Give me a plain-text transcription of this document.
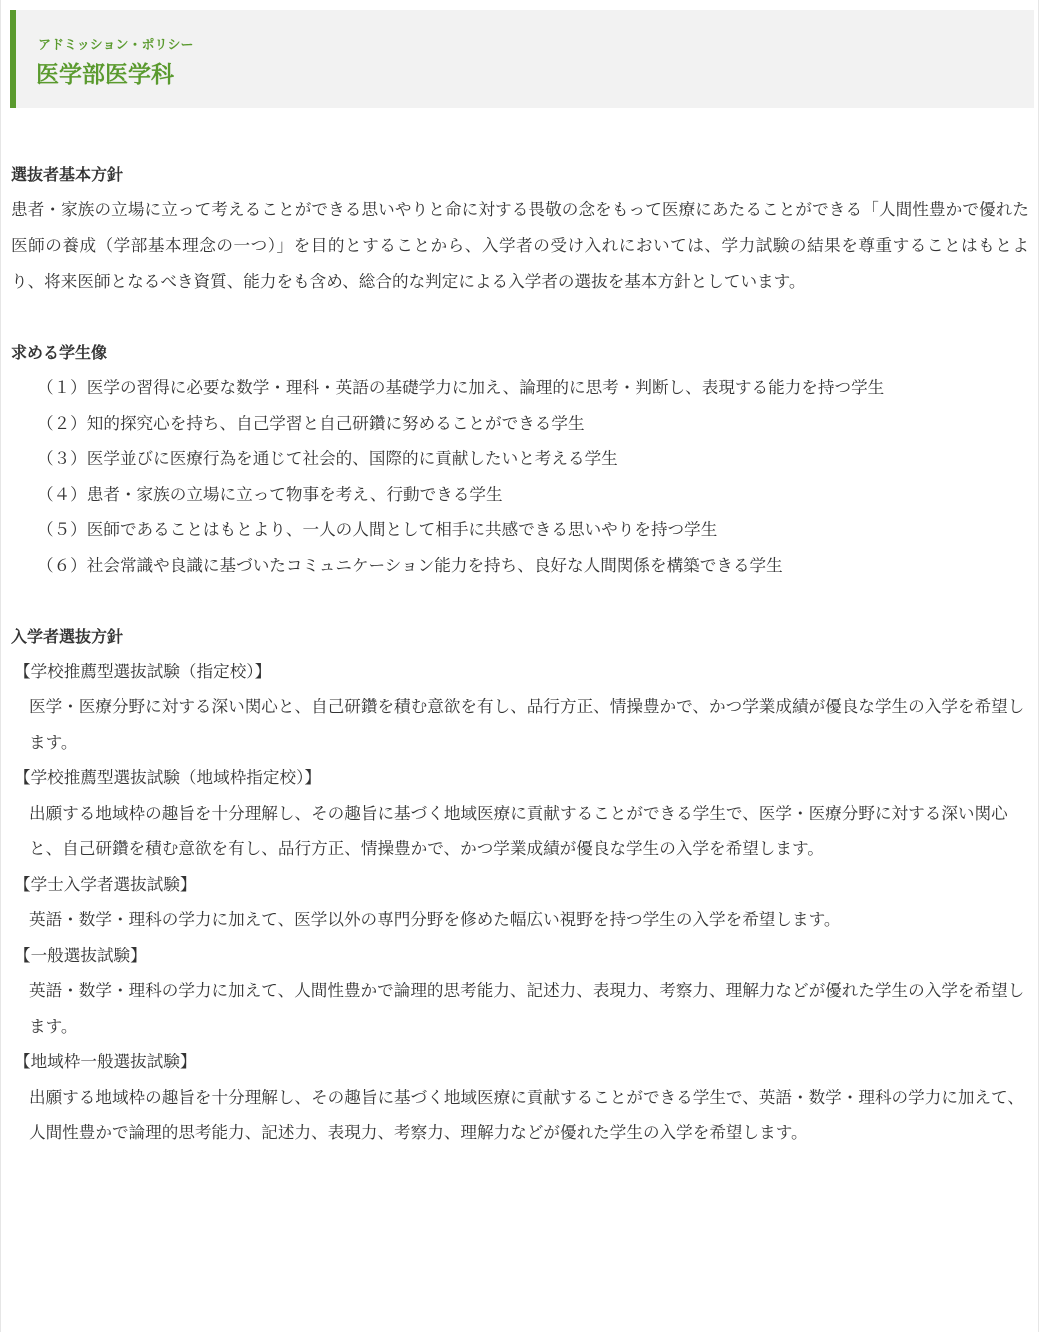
アドミッション・ポリシー
医学部医学科
選抜者基本方針

患者・家族の立場に立って考えることができる思いやりと命に対する畏敬の念をもって医療にあたることができる「人間性豊かで優れた医師の養成（学部基本理念の一つ）」を目的とすることから、入学者の受け入れにおいては、学力試験の結果を尊重することはもとより、将来医師となるべき資質、能力をも含め、総合的な判定による入学者の選抜を基本方針としています。

求める学生像
（１）医学の習得に必要な数学・理科・英語の基礎学力に加え、論理的に思考・判断し、表現する能力を持つ学生
（２）知的探究心を持ち、自己学習と自己研鑽に努めることができる学生
（３）医学並びに医療行為を通じて社会的、国際的に貢献したいと考える学生
（４）患者・家族の立場に立って物事を考え、行動できる学生
（５）医師であることはもとより、一人の人間として相手に共感できる思いやりを持つ学生
（６）社会常識や良識に基づいたコミュニケーション能力を持ち、良好な人間関係を構築できる学生
入学者選抜方針
【学校推薦型選抜試験（指定校）】
医学・医療分野に対する深い関心と、自己研鑽を積む意欲を有し、品行方正、情操豊かで、かつ学業成績が優良な学生の入学を希望します。
【学校推薦型選抜試験（地域枠指定校）】
出願する地域枠の趣旨を十分理解し、その趣旨に基づく地域医療に貢献することができる学生で、医学・医療分野に対する深い関心と、自己研鑽を積む意欲を有し、品行方正、情操豊かで、かつ学業成績が優良な学生の入学を希望します。
【学士入学者選抜試験】
英語・数学・理科の学力に加えて、医学以外の専門分野を修めた幅広い視野を持つ学生の入学を希望します。
【一般選抜試験】
英語・数学・理科の学力に加えて、人間性豊かで論理的思考能力、記述力、表現力、考察力、理解力などが優れた学生の入学を希望します。
【地域枠一般選抜試験】
出願する地域枠の趣旨を十分理解し、その趣旨に基づく地域医療に貢献することができる学生で、英語・数学・理科の学力に加えて、人間性豊かで論理的思考能力、記述力、表現力、考察力、理解力などが優れた学生の入学を希望します。
